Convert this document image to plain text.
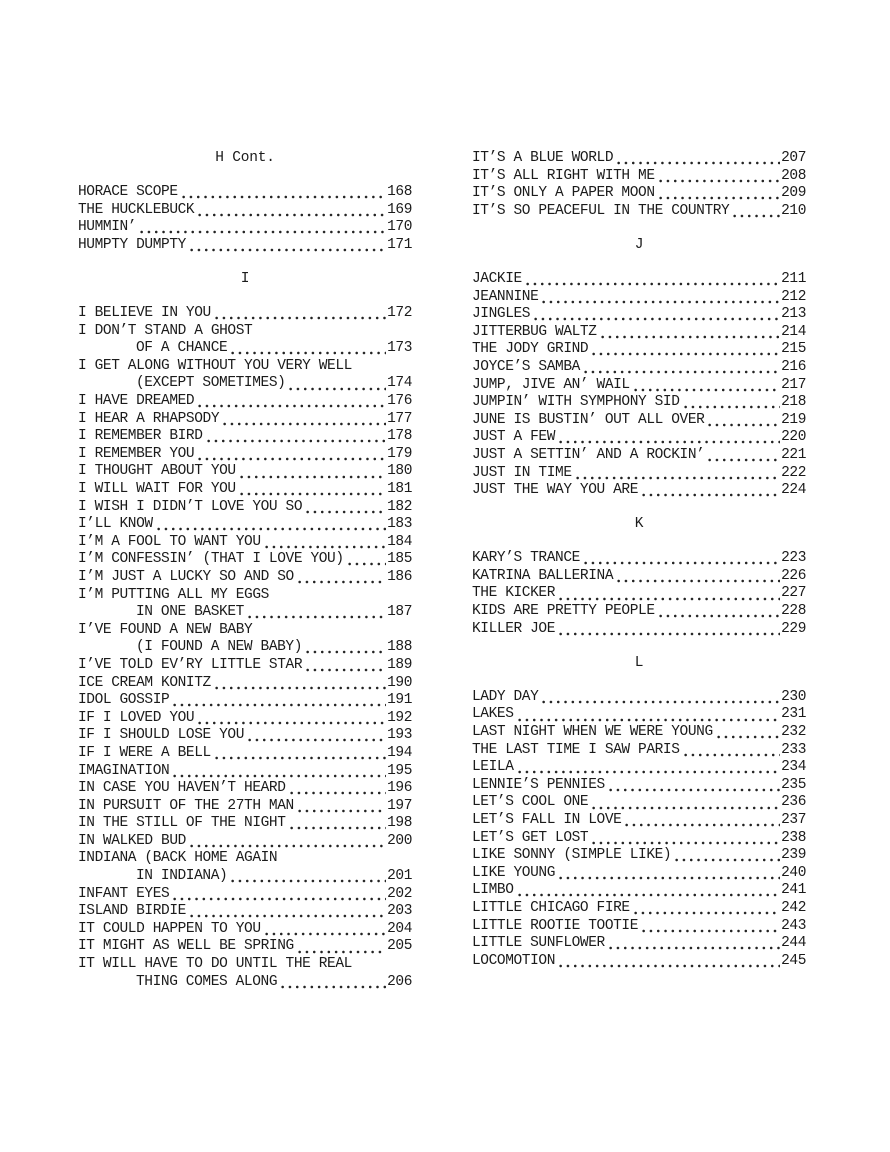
H Cont.
HORACE SCOPE	168
THE HUCKLEBUCK	169
HUMMIN’	170
HUMPTY DUMPTY	171
I
I BELIEVE IN YOU	172
I DON’T STAND A GHOST
OF A CHANCE	173
I GET ALONG WITHOUT YOU VERY WELL
(EXCEPT SOMETIMES)	174
I HAVE DREAMED	176
I HEAR A RHAPSODY	177
I REMEMBER BIRD	178
I REMEMBER YOU	179
I THOUGHT ABOUT YOU	180
I WILL WAIT FOR YOU	181
I WISH I DIDN’T LOVE YOU SO	182
I’LL KNOW	183
I’M A FOOL TO WANT YOU	184
I’M CONFESSIN’ (THAT I LOVE YOU)	185
I’M JUST A LUCKY SO AND SO	186
I’M PUTTING ALL MY EGGS
IN ONE BASKET	187
I’VE FOUND A NEW BABY
(I FOUND A NEW BABY)	188
I’VE TOLD EV’RY LITTLE STAR	189
ICE CREAM KONITZ	190
IDOL GOSSIP	191
IF I LOVED YOU	192
IF I SHOULD LOSE YOU	193
IF I WERE A BELL	194
IMAGINATION	195
IN CASE YOU HAVEN’T HEARD	196
IN PURSUIT OF THE 27TH MAN	197
IN THE STILL OF THE NIGHT	198
IN WALKED BUD	200
INDIANA (BACK HOME AGAIN
IN INDIANA)	201
INFANT EYES	202
ISLAND BIRDIE	203
IT COULD HAPPEN TO YOU	204
IT MIGHT AS WELL BE SPRING	205
IT WILL HAVE TO DO UNTIL THE REAL
THING COMES ALONG	206
IT’S A BLUE WORLD	207
IT’S ALL RIGHT WITH ME	208
IT’S ONLY A PAPER MOON	209
IT’S SO PEACEFUL IN THE COUNTRY	210
J
JACKIE	211
JEANNINE	212
JINGLES	213
JITTERBUG WALTZ	214
THE JODY GRIND	215
JOYCE’S SAMBA	216
JUMP, JIVE AN’ WAIL	217
JUMPIN’ WITH SYMPHONY SID	218
JUNE IS BUSTIN’ OUT ALL OVER	219
JUST A FEW	220
JUST A SETTIN’ AND A ROCKIN’	221
JUST IN TIME	222
JUST THE WAY YOU ARE	224
K
KARY’S TRANCE	223
KATRINA BALLERINA	226
THE KICKER	227
KIDS ARE PRETTY PEOPLE	228
KILLER JOE	229
L
LADY DAY	230
LAKES	231
LAST NIGHT WHEN WE WERE YOUNG	232
THE LAST TIME I SAW PARIS	233
LEILA	234
LENNIE’S PENNIES	235
LET’S COOL ONE	236
LET’S FALL IN LOVE	237
LET’S GET LOST	238
LIKE SONNY (SIMPLE LIKE)	239
LIKE YOUNG	240
LIMBO	241
LITTLE CHICAGO FIRE	242
LITTLE ROOTIE TOOTIE	243
LITTLE SUNFLOWER	244
LOCOMOTION	245
